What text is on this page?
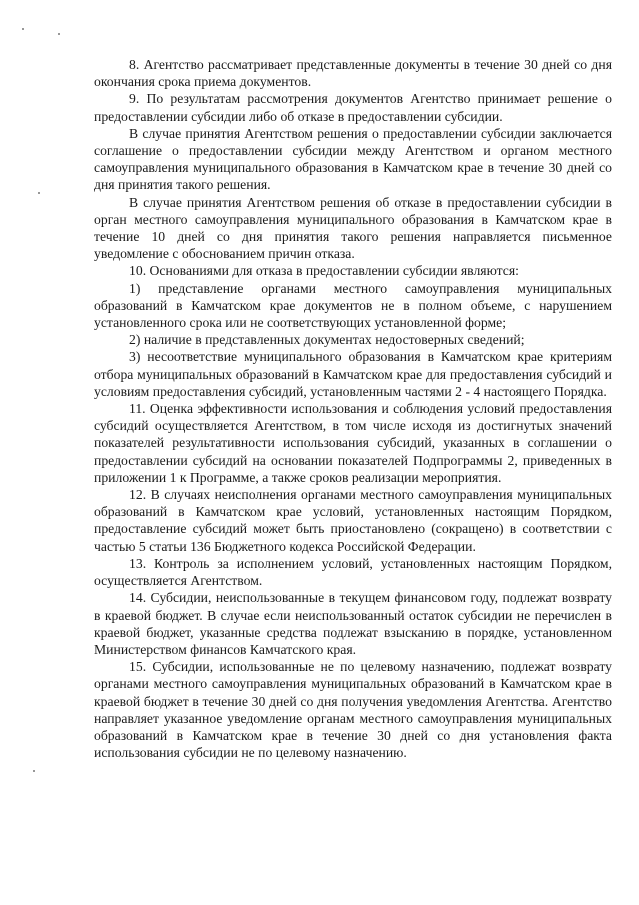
8. Агентство рассматривает представленные документы в течение 30 дней со дня окончания срока приема документов.

9. По результатам рассмотрения документов Агентство принимает решение о предоставлении субсидии либо об отказе в предоставлении субсидии.

В случае принятия Агентством решения о предоставлении субсидии заключается соглашение о предоставлении субсидии между Агентством и органом местного самоуправления муниципального образования в Камчатском крае в течение 30 дней со дня принятия такого решения.

В случае принятия Агентством решения об отказе в предоставлении субсидии в орган местного самоуправления муниципального образования в Камчатском крае в течение 10 дней со дня принятия такого решения направляется письменное уведомление с обоснованием причин отказа.

10. Основаниями для отказа в предоставлении субсидии являются:

1) представление органами местного самоуправления муниципальных образований в Камчатском крае документов не в полном объеме, с нарушением установленного срока или не соответствующих установленной форме;

2) наличие в представленных документах недостоверных сведений;

3) несоответствие муниципального образования в Камчатском крае критериям отбора муниципальных образований в Камчатском крае для предоставления субсидий и условиям предоставления субсидий, установленным частями 2 - 4 настоящего Порядка.

11. Оценка эффективности использования и соблюдения условий предоставления субсидий осуществляется Агентством, в том числе исходя из достигнутых значений показателей результативности использования субсидий, указанных в соглашении о предоставлении субсидий на основании показателей Подпрограммы 2, приведенных в приложении 1 к Программе, а также сроков реализации мероприятия.

12. В случаях неисполнения органами местного самоуправления муниципальных образований в Камчатском крае условий, установленных настоящим Порядком, предоставление субсидий может быть приостановлено (сокращено) в соответствии с частью 5 статьи 136 Бюджетного кодекса Российской Федерации.

13. Контроль за исполнением условий, установленных настоящим Порядком, осуществляется Агентством.

14. Субсидии, неиспользованные в текущем финансовом году, подлежат возврату в краевой бюджет. В случае если неиспользованный остаток субсидии не перечислен в краевой бюджет, указанные средства подлежат взысканию в порядке, установленном Министерством финансов Камчатского края.

15. Субсидии, использованные не по целевому назначению, подлежат возврату органами местного самоуправления муниципальных образований в Камчатском крае в краевой бюджет в течение 30 дней со дня получения уведомления Агентства. Агентство направляет указанное уведомление органам местного самоуправления муниципальных образований в Камчатском крае в течение 30 дней со дня установления факта использования субсидии не по целевому назначению.
